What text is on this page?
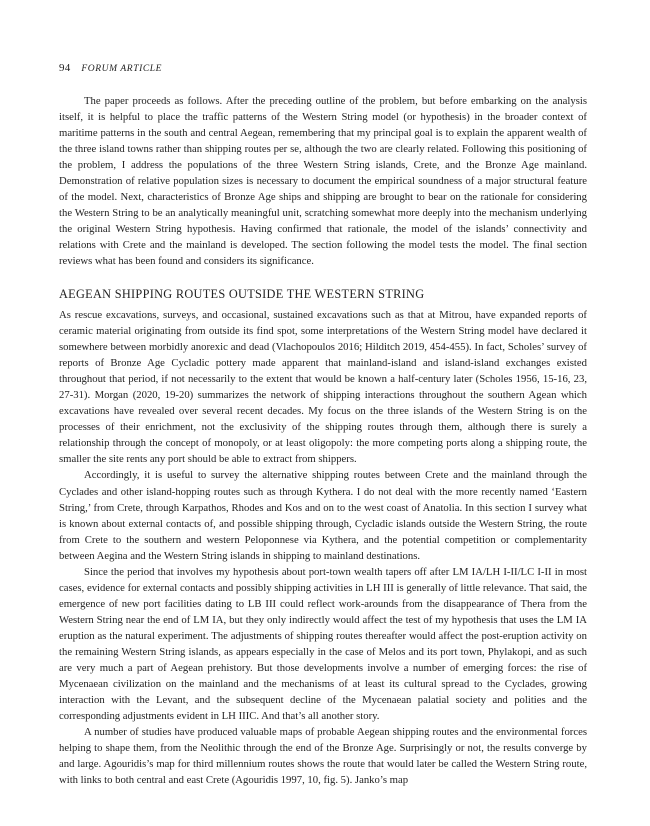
94 FORUM ARTICLE

The paper proceeds as follows. After the preceding outline of the problem, but before embarking on the analysis itself, it is helpful to place the traffic patterns of the Western String model (or hypothesis) in the broader context of maritime patterns in the south and central Aegean, remembering that my principal goal is to explain the apparent wealth of the three island towns rather than shipping routes per se, although the two are clearly related. Following this positioning of the problem, I address the populations of the three Western String islands, Crete, and the Bronze Age mainland. Demonstration of relative population sizes is necessary to document the empirical soundness of a major structural feature of the model. Next, characteristics of Bronze Age ships and shipping are brought to bear on the rationale for considering the Western String to be an analytically meaningful unit, scratching somewhat more deeply into the mechanism underlying the original Western String hypothesis. Having confirmed that rationale, the model of the islands’ connectivity and relations with Crete and the mainland is developed. The section following the model tests the model. The final section reviews what has been found and considers its significance.

AEGEAN SHIPPING ROUTES OUTSIDE THE WESTERN STRING

As rescue excavations, surveys, and occasional, sustained excavations such as that at Mitrou, have expanded reports of ceramic material originating from outside its find spot, some interpretations of the Western String model have declared it somewhere between morbidly anorexic and dead (Vlachopoulos 2016; Hilditch 2019, 454-455). In fact, Scholes’ survey of reports of Bronze Age Cycladic pottery made apparent that mainland-island and island-island exchanges existed throughout that period, if not necessarily to the extent that would be known a half-century later (Scholes 1956, 15-16, 23, 27-31). Morgan (2020, 19-20) summarizes the network of shipping interactions throughout the southern Agean which excavations have revealed over several recent decades. My focus on the three islands of the Western String is on the processes of their enrichment, not the exclusivity of the shipping routes through them, although there is surely a relationship through the concept of monopoly, or at least oligopoly: the more competing ports along a shipping route, the smaller the site rents any port should be able to extract from shippers.

Accordingly, it is useful to survey the alternative shipping routes between Crete and the mainland through the Cyclades and other island-hopping routes such as through Kythera. I do not deal with the more recently named ‘Eastern String,’ from Crete, through Karpathos, Rhodes and Kos and on to the west coast of Anatolia. In this section I survey what is known about external contacts of, and possible shipping through, Cycladic islands outside the Western String, the route from Crete to the southern and western Peloponnese via Kythera, and the potential competition or complementarity between Aegina and the Western String islands in shipping to mainland destinations.

Since the period that involves my hypothesis about port-town wealth tapers off after LM IA/LH I-II/LC I-II in most cases, evidence for external contacts and possibly shipping activities in LH III is generally of little relevance. That said, the emergence of new port facilities dating to LB III could reflect work-arounds from the disappearance of Thera from the Western String near the end of LM IA, but they only indirectly would affect the test of my hypothesis that uses the LM IA eruption as the natural experiment. The adjustments of shipping routes thereafter would affect the post-eruption activity on the remaining Western String islands, as appears especially in the case of Melos and its port town, Phylakopi, and as such are very much a part of Aegean prehistory. But those developments involve a number of emerging forces: the rise of Mycenaean civilization on the mainland and the mechanisms of at least its cultural spread to the Cyclades, growing interaction with the Levant, and the subsequent decline of the Mycenaean palatial society and polities and the corresponding adjustments evident in LH IIIC. And that’s all another story.

A number of studies have produced valuable maps of probable Aegean shipping routes and the environmental forces helping to shape them, from the Neolithic through the end of the Bronze Age. Surprisingly or not, the results converge by and large. Agouridis’s map for third millennium routes shows the route that would later be called the Western String route, with links to both central and east Crete (Agouridis 1997, 10, fig. 5). Janko’s map
